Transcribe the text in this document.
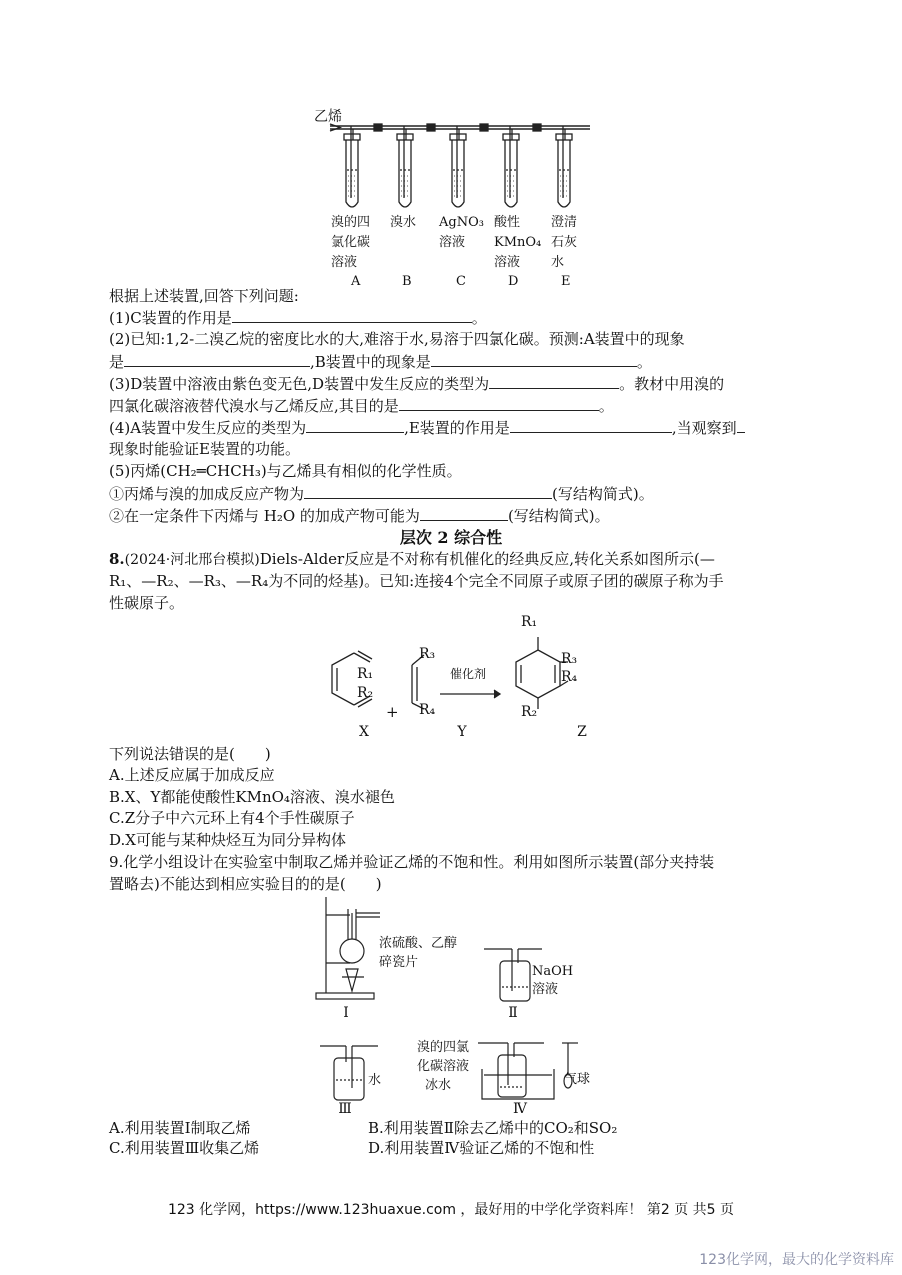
乙烯
溴的四
氯化碳
溶液
溴水 AgNO₃
溶液
酸性
KMnO₄
溶液
澄清
石灰
水
A	B	C	D	E
根据上述装置,回答下列问题:
(1)C装置的作用是	。
(2)已知:1,2-二溴乙烷的密度比水的大,难溶于水,易溶于四氯化碳。预测:A装置中的现象
是	,B装置中的现象是	。
(3)D装置中溶液由紫色变无色,D装置中发生反应的类型为	。教材中用溴的
四氯化碳溶液替代溴水与乙烯反应,其目的是	。
(4)A装置中发生反应的类型为	,E装置的作用是	,当观察到
现象时能验证E装置的功能。
(5)丙烯(CH₂═CHCH₃)与乙烯具有相似的化学性质。
①丙烯与溴的加成反应产物为	(写结构简式)。
②在一定条件下丙烯与 H₂O 的加成产物可能为	(写结构简式)。
层次 2 综合性
8.(2024·河北邢台模拟)Diels-Alder反应是不对称有机催化的经典反应,转化关系如图所示(—
R₁、—R₂、—R₃、—R₄为不同的烃基)。已知:连接4个完全不同原子或原子团的碳原子称为手
性碳原子。
R₁
R₂
R₃
R₄
+
催化剂
R₁
R₃
R₄
R₂
X	Y	Z
下列说法错误的是(　　)
A.上述反应属于加成反应
B.X、Y都能使酸性KMnO₄溶液、溴水褪色
C.Z分子中六元环上有4个手性碳原子
D.X可能与某种炔烃互为同分异构体
9.化学小组设计在实验室中制取乙烯并验证乙烯的不饱和性。利用如图所示装置(部分夹持装
置略去)不能达到相应实验目的的是(　　)
浓硫酸、乙醇
碎瓷片
Ⅰ
NaOH
溶液
Ⅱ
水
Ⅲ
溴的四氯
化碳溶液
冰水	气球
Ⅳ
A.利用装置Ⅰ制取乙烯	B.利用装置Ⅱ除去乙烯中的CO₂和SO₂
C.利用装置Ⅲ收集乙烯	D.利用装置Ⅳ验证乙烯的不饱和性
123 化学网，https://www.123huaxue.com ，最好用的中学化学资料库！ 第2 页 共5 页
123化学网，最大的化学资料库
